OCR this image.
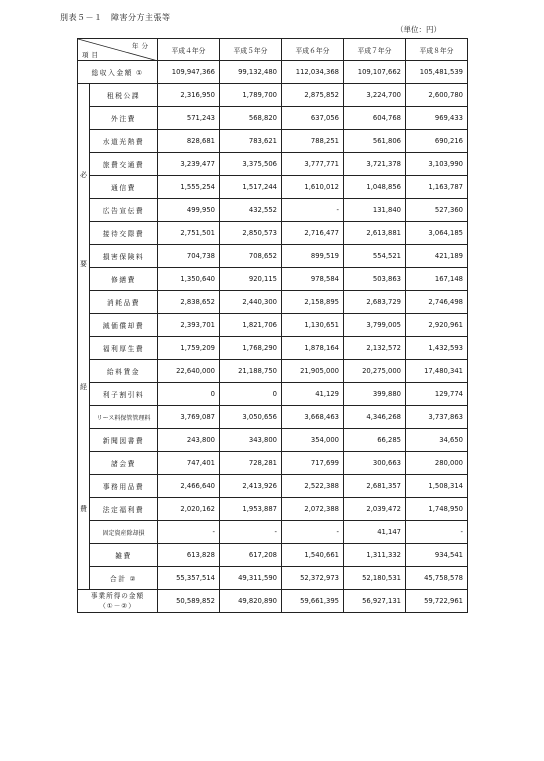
別表５－１　障害分方主張等
（単位：円）
年分
項目		平成４年分	平成５年分	平成６年分	平成７年分	平成８年分
総収入金額 ①		109,947,366	99,132,480	112,034,368	109,107,662	105,481,539

必
要
経
費	租税公課	2,316,950	1,789,700	2,875,852	3,224,700	2,600,780
	外注費	571,243	568,820	637,056	604,768	969,433
	水道光熱費	828,681	783,621	788,251	561,806	690,216
	旅費交通費	3,239,477	3,375,506	3,777,771	3,721,378	3,103,990
	通信費	1,555,254	1,517,244	1,610,012	1,048,856	1,163,787
	広告宣伝費	499,950	432,552	-	131,840	527,360
	接待交際費	2,751,501	2,850,573	2,716,477	2,613,881	3,064,185
	損害保険料	704,738	708,652	899,519	554,521	421,189
	修繕費	1,350,640	920,115	978,584	503,863	167,148
	消耗品費	2,838,652	2,440,300	2,158,895	2,683,729	2,746,498
	減価償却費	2,393,701	1,821,706	1,130,651	3,799,005	2,920,961
	福利厚生費	1,759,209	1,768,290	1,878,164	2,132,572	1,432,593
	給料賃金	22,640,000	21,188,750	21,905,000	20,275,000	17,480,341
	利子割引料	0	0	41,129	399,880	129,774
	リース料保管管理料	3,769,087	3,050,656	3,668,463	4,346,268	3,737,863
	新聞図書費	243,800	343,800	354,000	66,285	34,650
	諸会費	747,401	728,281	717,699	300,663	280,000
	事務用品費	2,466,640	2,413,926	2,522,388	2,681,357	1,508,314
	法定福利費	2,020,162	1,953,887	2,072,388	2,039,472	1,748,950
	固定資産除却損	-	-	-	41,147	-
	雑費	613,828	617,208	1,540,661	1,311,332	934,541
	合計 ②	55,357,514	49,311,590	52,372,973	52,180,531	45,758,578

事業所得の金額
（①－②）		50,589,852	49,820,890	59,661,395	56,927,131	59,722,961
